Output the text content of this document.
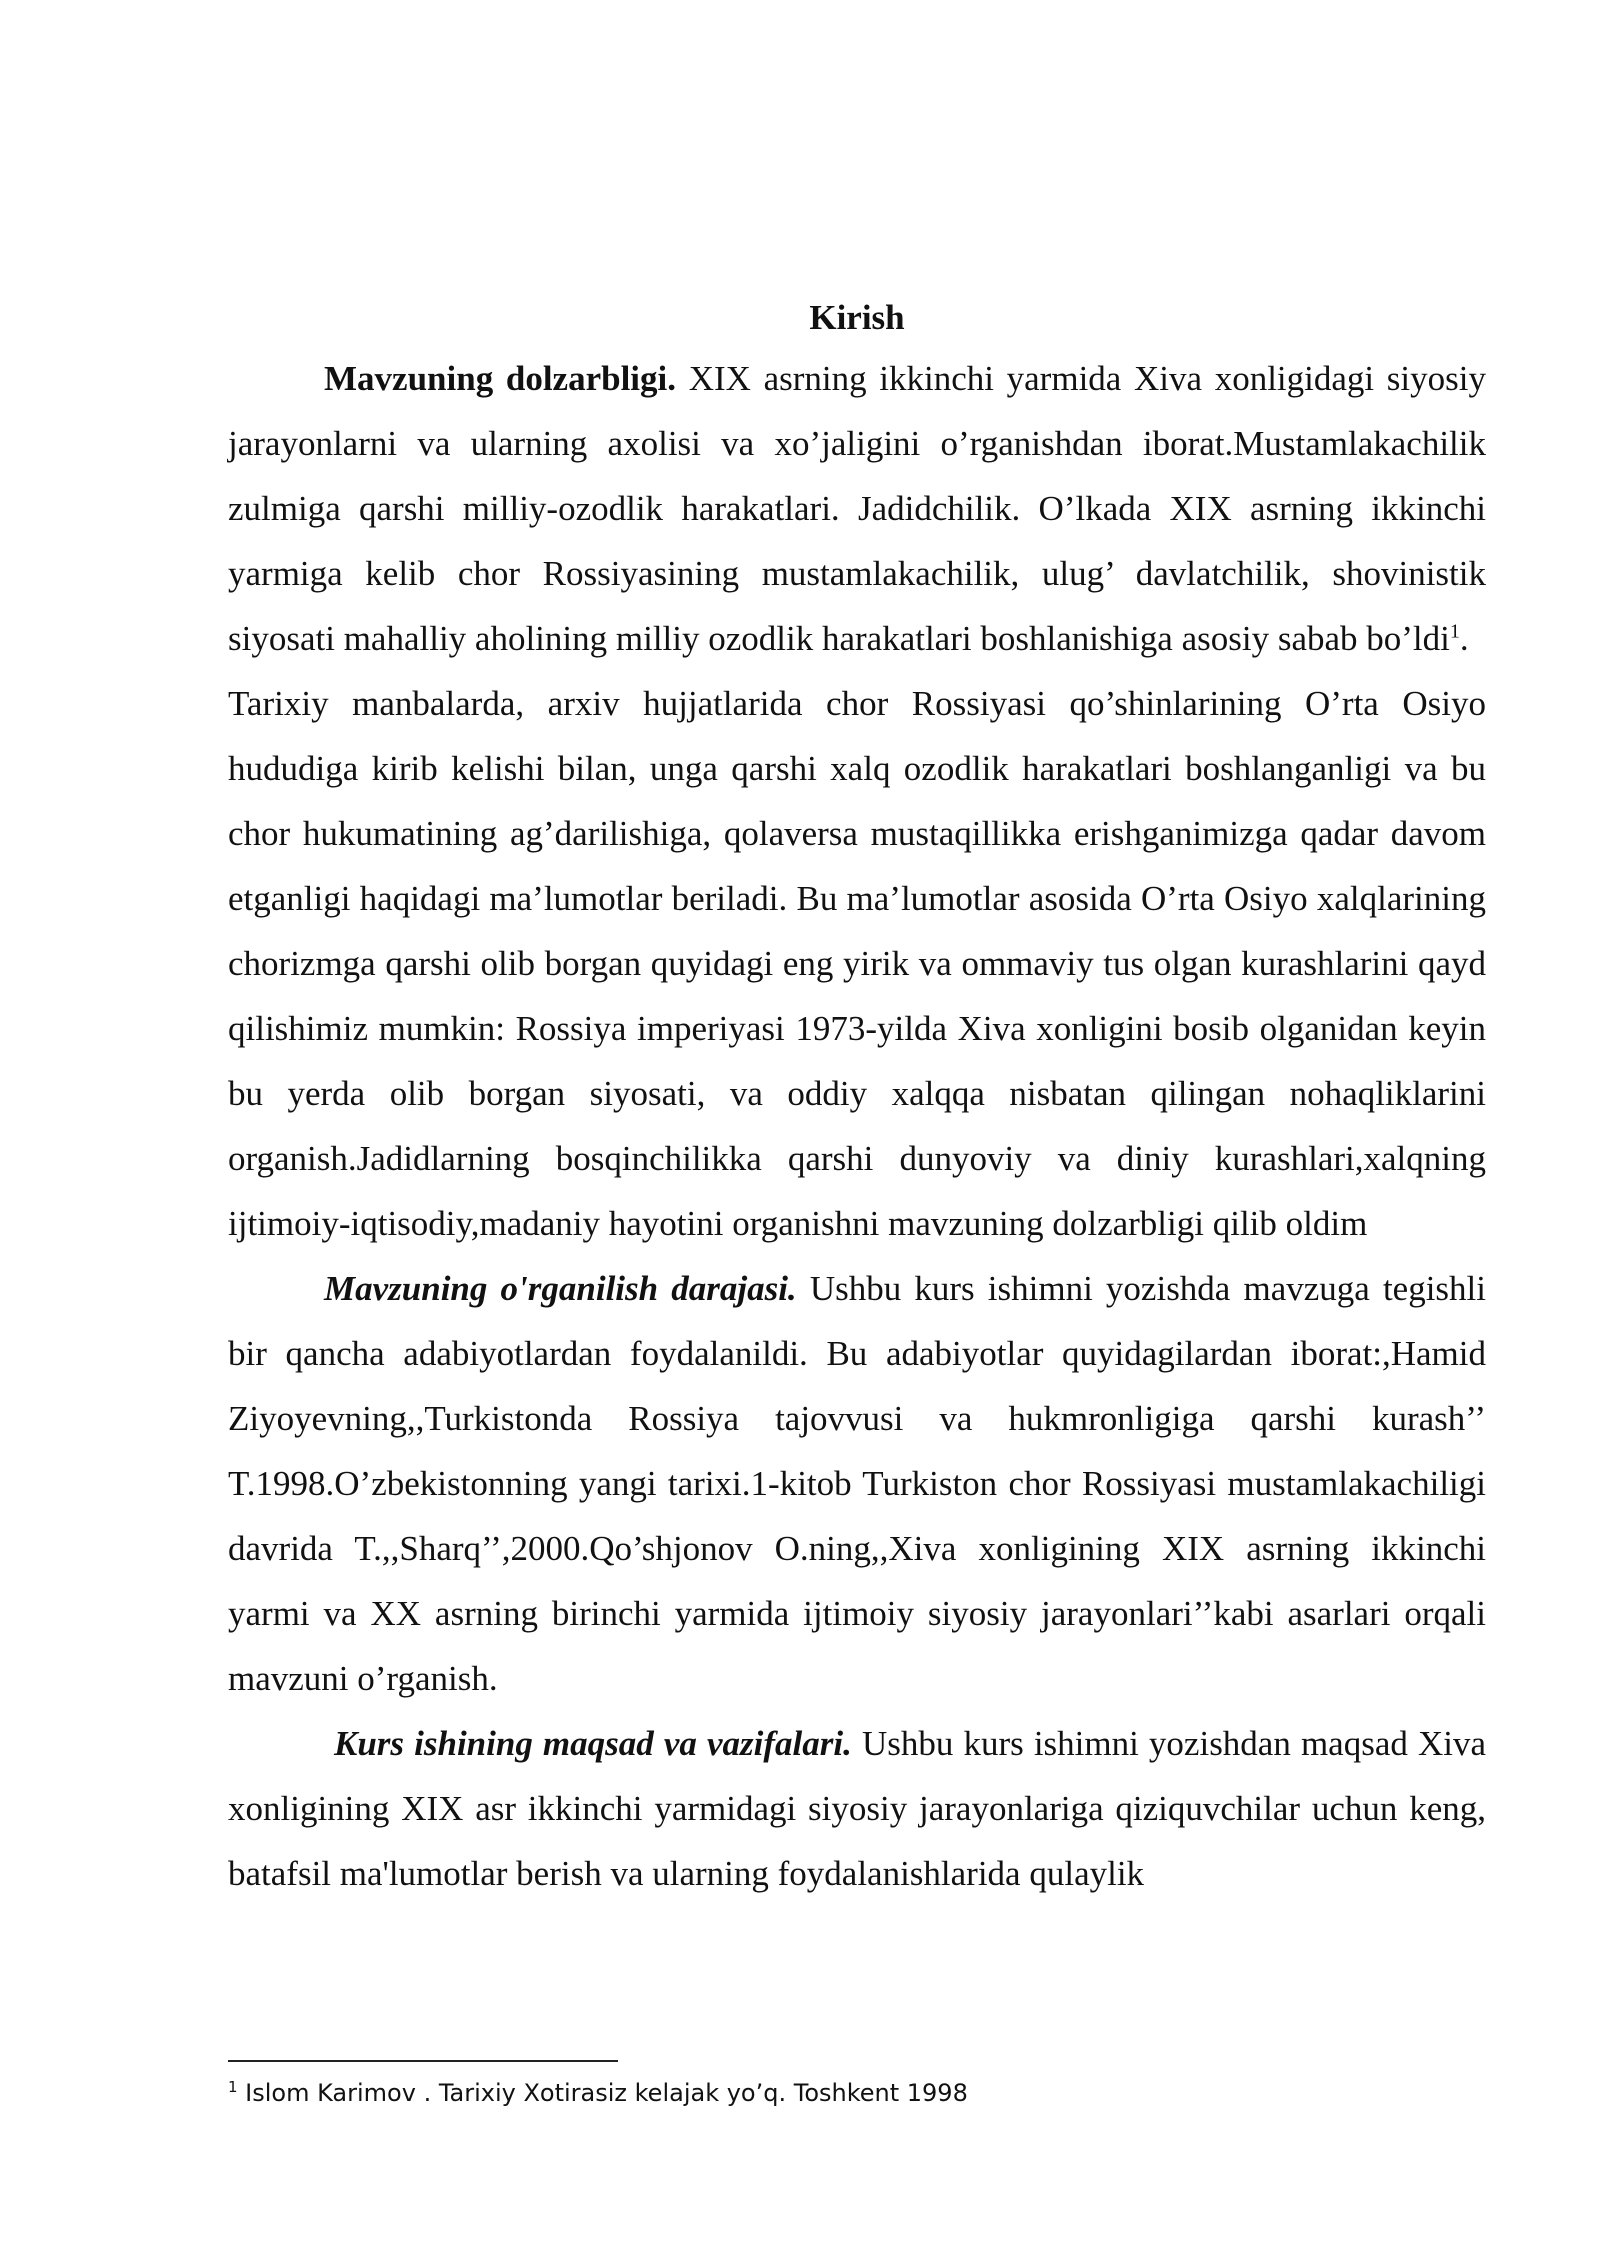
Kirish

Mavzuning dolzarbligi. XIX asrning ikkinchi yarmida Xiva xonligidagi siyosiy jarayonlarni va ularning axolisi va xo’jaligini o’rganishdan iborat.Mustamlakachilik zulmiga qarshi milliy-ozodlik harakatlari. Jadidchilik. O’lkada XIX asrning ikkinchi yarmiga kelib chor Rossiyasining mustamlakachilik, ulug’ davlatchilik, shovinistik siyosati mahalliy aholining milliy ozodlik harakatlari boshlanishiga asosiy sabab bo’ldi$^1$.

Tarixiy manbalarda, arxiv hujjatlarida chor Rossiyasi qo’shinlarining O’rta Osiyo hududiga kirib kelishi bilan, unga qarshi xalq ozodlik harakatlari boshlanganligi va bu chor hukumatining ag’darilishiga, qolaversa mustaqillikka erishganimizga qadar davom etganligi haqidagi ma’lumotlar beriladi. Bu ma’lumotlar asosida O’rta Osiyo xalqlarining chorizmga qarshi olib borgan quyidagi eng yirik va ommaviy tus olgan kurashlarini qayd qilishimiz mumkin: Rossiya imperiyasi 1973-yilda Xiva xonligini bosib olganidan keyin bu yerda olib borgan siyosati, va oddiy xalqqa nisbatan qilingan nohaqliklarini organish.Jadidlarning bosqinchilikka qarshi dunyoviy va diniy kurashlari,xalqning ijtimoiy-iqtisodiy,madaniy hayotini organishni mavzuning dolzarbligi qilib oldim

Mavzuning o'rganilish darajasi. Ushbu kurs ishimni yozishda mavzuga tegishli bir qancha adabiyotlardan foydalanildi. Bu adabiyotlar quyidagilardan iborat:,Hamid Ziyoyevning,,Turkistonda Rossiya tajovvusi va hukmronligiga qarshi kurash’’ T.1998.O’zbekistonning yangi tarixi.1-kitob Turkiston chor Rossiyasi mustamlakachiligi davrida T.,,Sharq’’,2000.Qo’shjonov O.ning,,Xiva xonligining XIX asrning ikkinchi yarmi va XX asrning birinchi yarmida ijtimoiy siyosiy jarayonlari’’kabi asarlari orqali mavzuni o’rganish.

Kurs ishining maqsad va vazifalari. Ushbu kurs ishimni yozishdan maqsad Xiva xonligining XIX asr ikkinchi yarmidagi siyosiy jarayonlariga qiziquvchilar uchun keng, batafsil ma'lumotlar berish va ularning foydalanishlarida qulaylik

$^1$ Islom Karimov . Tarixiy Xotirasiz kelajak yo’q. Toshkent 1998
